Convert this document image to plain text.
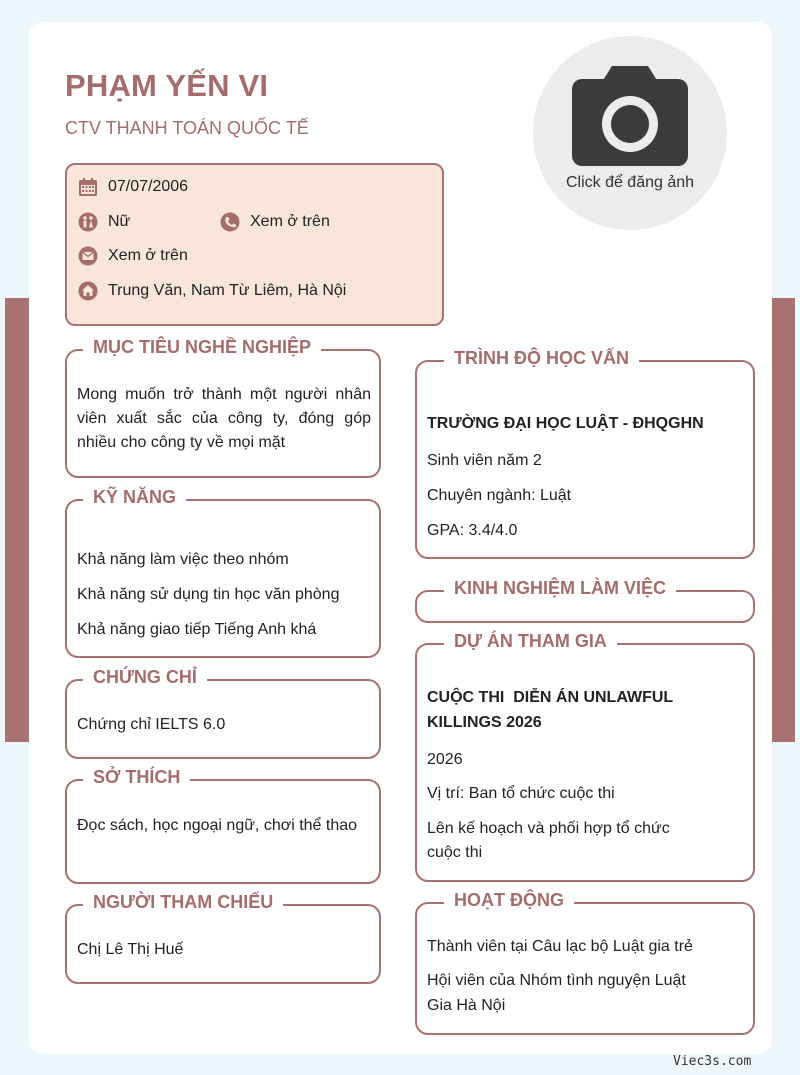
PHẠM YẾN VI
CTV THANH TOÁN QUỐC TẾ
Click để đăng ảnh
07/07/2006
Nữ	Xem ở trên
Xem ở trên
Trung Văn, Nam Từ Liêm, Hà Nội
MỤC TIÊU NGHỀ NGHIỆP
Mong muốn trở thành một người nhân viên xuất sắc của công ty, đóng góp nhiều cho công ty về mọi mặt
KỸ NĂNG
Khả năng làm việc theo nhóm
Khả năng sử dụng tin học văn phòng
Khả năng giao tiếp Tiếng Anh khá
CHỨNG CHỈ
Chứng chỉ IELTS 6.0
SỞ THÍCH
Đọc sách, học ngoại ngữ, chơi thể thao
NGƯỜI THAM CHIẾU
Chị Lê Thị Huế
TRÌNH ĐỘ HỌC VẤN
TRƯỜNG ĐẠI HỌC LUẬT - ĐHQGHN
Sinh viên năm 2
Chuyên ngành: Luật
GPA: 3.4/4.0
KINH NGHIỆM LÀM VIỆC
DỰ ÁN THAM GIA
CUỘC THI  DIỄN ÁN UNLAWFUL
KILLINGS 2026
2026
Vị trí: Ban tổ chức cuộc thi
Lên kế hoạch và phối hợp tổ chức
cuộc thi
HOẠT ĐỘNG
Thành viên tại Câu lạc bộ Luật gia trẻ
Hội viên của Nhóm tình nguyện Luật
Gia Hà Nội
Viec3s.com
